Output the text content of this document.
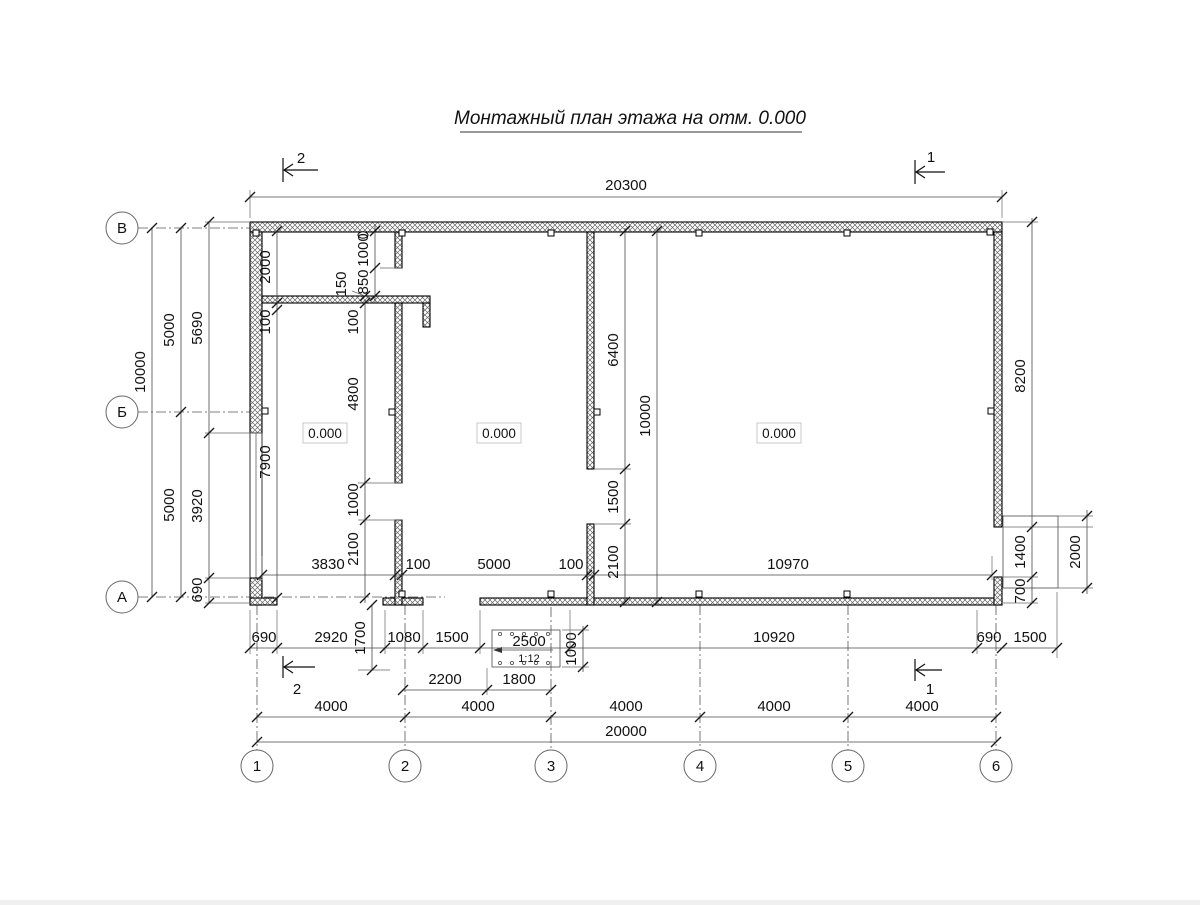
Монтажный план этажа на отм. 0.000
В
Б
А
1	2	3	4	5	6
2	1
2	1
0.000	0.000	0.000
2500
1:12 1000
20300
10000
5000
5000
5690
3920
690
2000
100
7900
1000
850
150
100
4800
1000
2100
6400
1500
2100
10000
3830	100	5000	100	10970
8200
1400
700
2000
690	2920	1080 1500	10920	690 1500
1700
2200	1800
4000	4000	4000	4000	4000
20000
